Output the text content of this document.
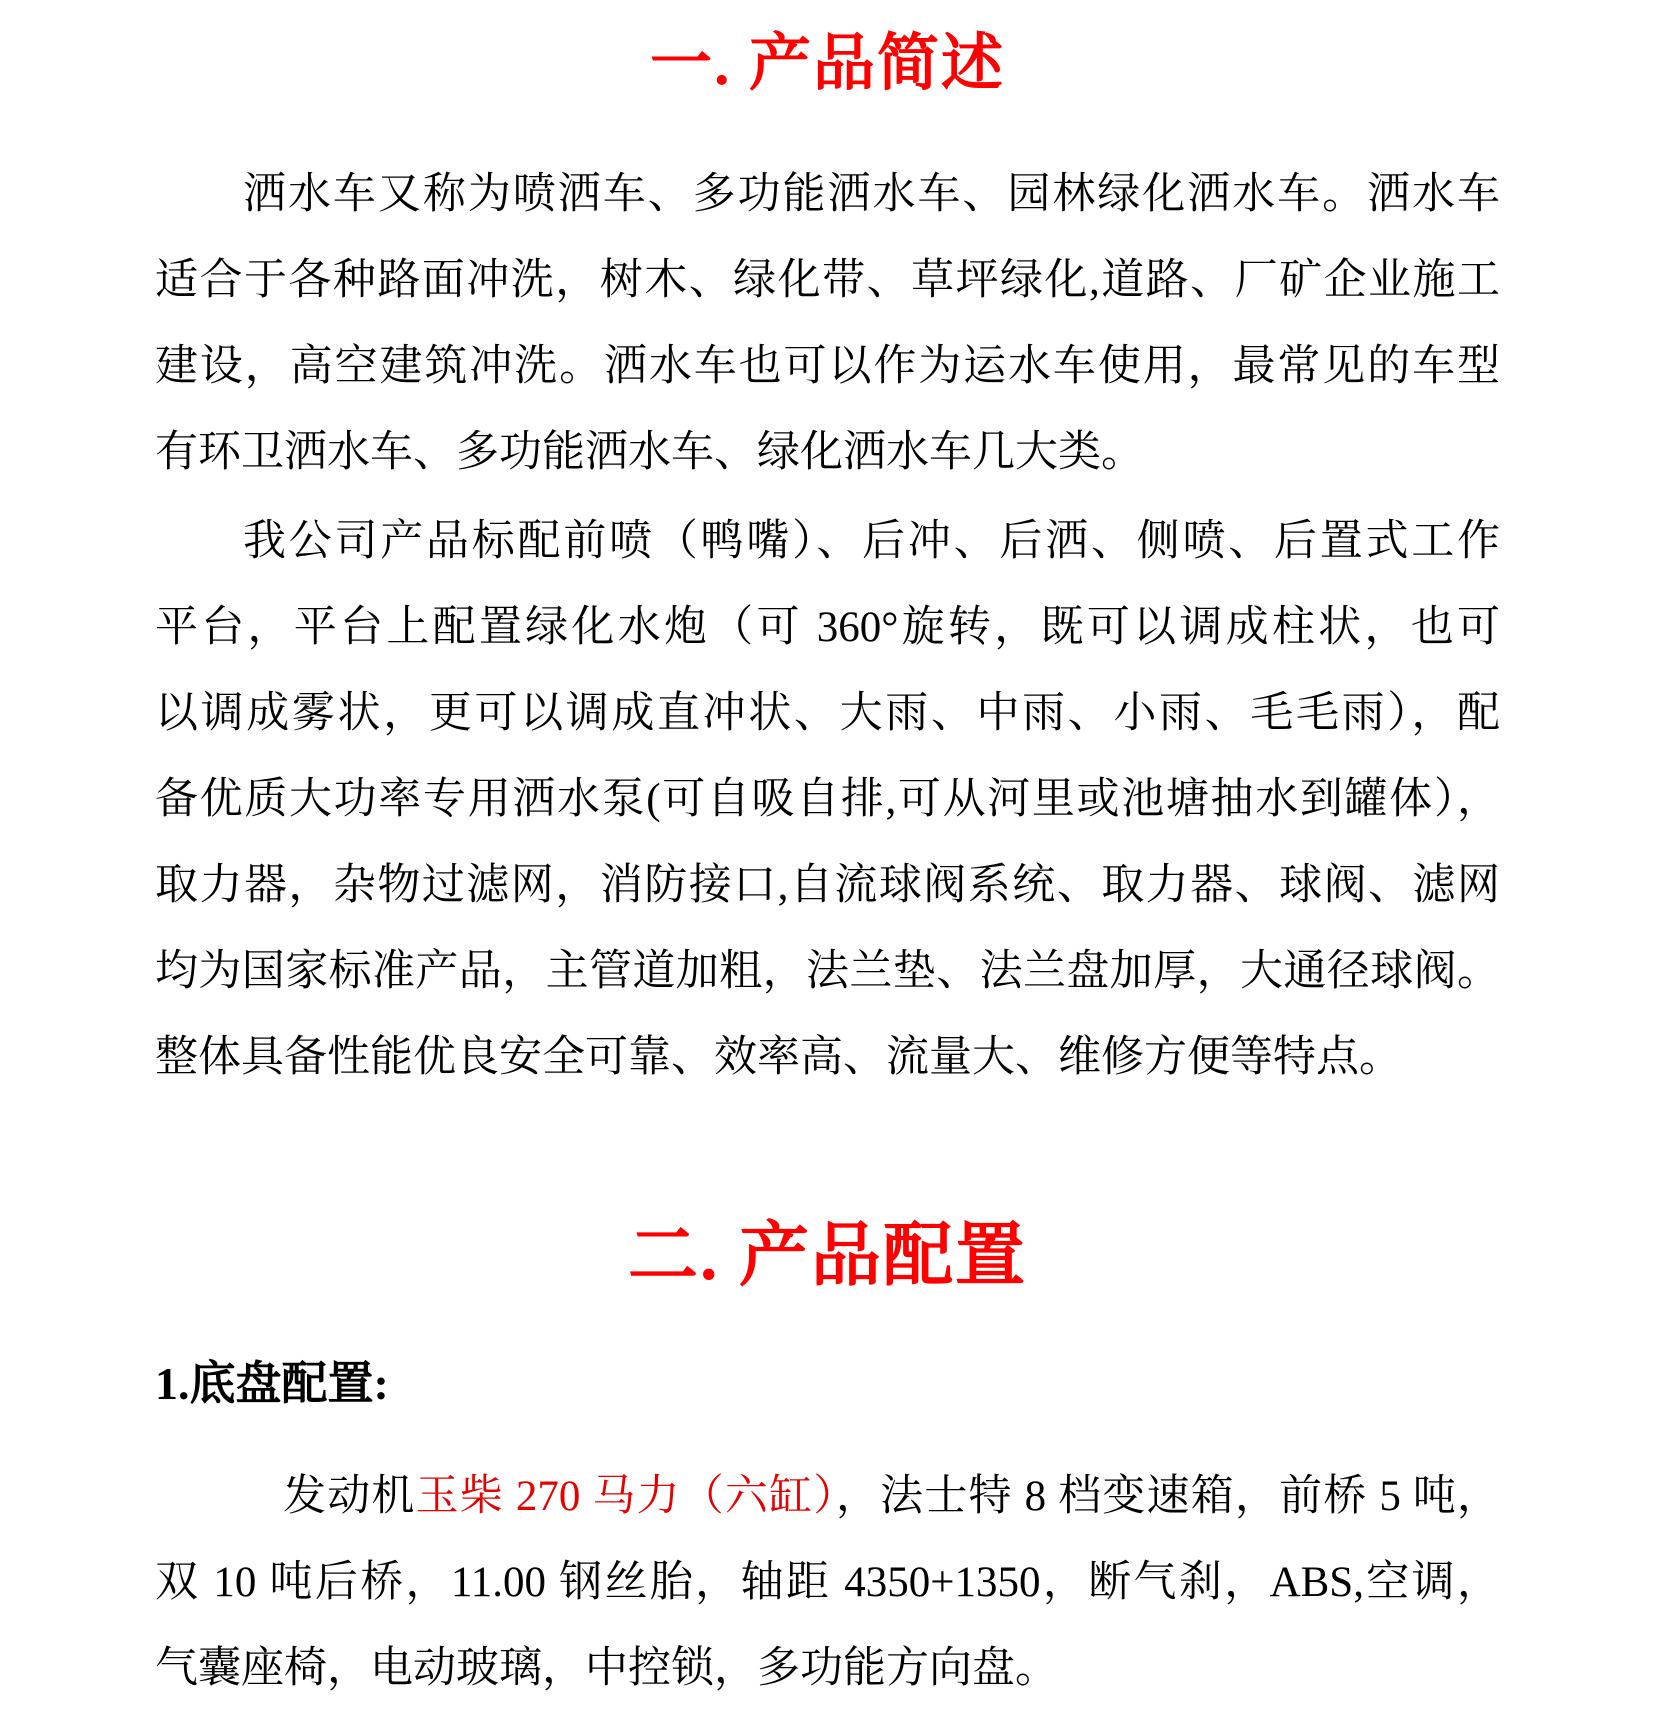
一. 产品简述
洒水车又称为喷洒车、多功能洒水车、园林绿化洒水车。洒水车
适合于各种路面冲洗，树木、绿化带、草坪绿化,道路、厂矿企业施工
建设，高空建筑冲洗。洒水车也可以作为运水车使用，最常见的车型
有环卫洒水车、多功能洒水车、绿化洒水车几大类。
我公司产品标配前喷（鸭嘴）、后冲、后洒、侧喷、后置式工作
平台，平台上配置绿化水炮（可 360°旋转，既可以调成柱状，也可
以调成雾状，更可以调成直冲状、大雨、中雨、小雨、毛毛雨），配
备优质大功率专用洒水泵(可自吸自排,可从河里或池塘抽水到罐体），
取力器，杂物过滤网，消防接口,自流球阀系统、取力器、球阀、滤网
均为国家标准产品，主管道加粗，法兰垫、法兰盘加厚，大通径球阀。
整体具备性能优良安全可靠、效率高、流量大、维修方便等特点。
二. 产品配置
1.底盘配置:
发动机玉柴 270 马力（六缸），法士特 8 档变速箱，前桥 5 吨，
双 10 吨后桥，11.00 钢丝胎，轴距 4350+1350，断气刹，ABS,空调，
气囊座椅，电动玻璃，中控锁，多功能方向盘。
